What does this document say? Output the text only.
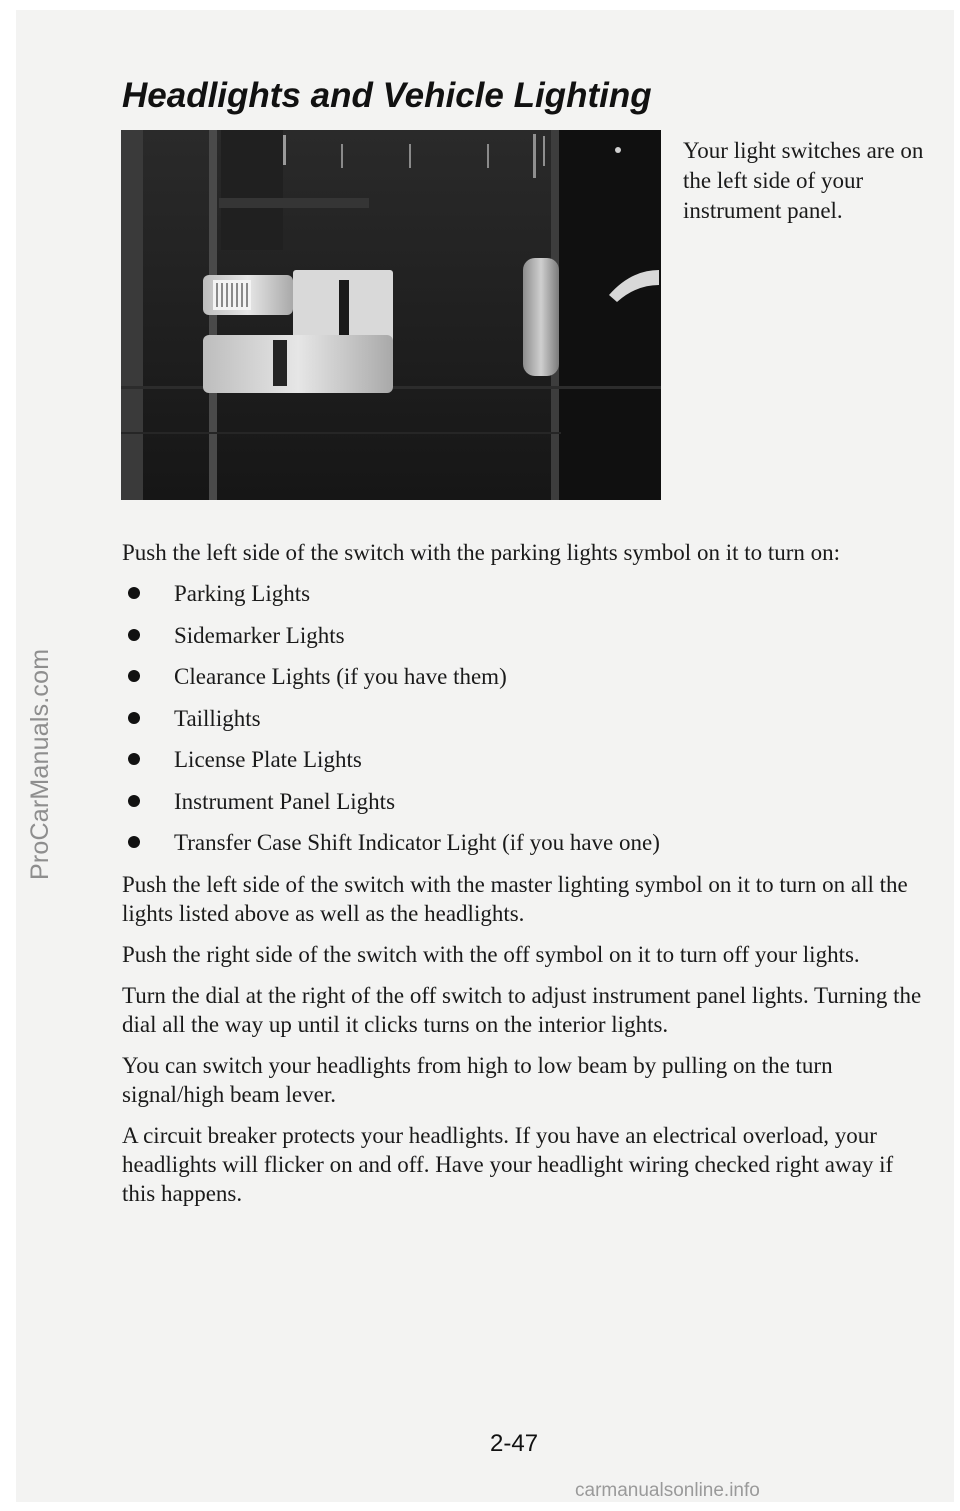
ProCarManuals.com
Headlights and Vehicle Lighting

Your light switches are on the left side of your instrument panel.

Push the left side of the switch with the parking lights symbol on it to turn on:

Parking Lights
Sidemarker Lights
Clearance Lights (if you have them)
Taillights
License Plate Lights
Instrument Panel Lights
Transfer Case Shift Indicator Light (if you have one)

Push the left side of the switch with the master lighting symbol on it to turn on all the lights listed above as well as the headlights.

Push the right side of the switch with the off symbol on it to turn off your lights.

Turn the dial at the right of the off switch to adjust instrument panel lights. Turning the dial all the way up until it clicks turns on the interior lights.

You can switch your headlights from high to low beam by pulling on the turn signal/high beam lever.

A circuit breaker protects your headlights. If you have an electrical overload, your headlights will flicker on and off. Have your headlight wiring checked right away if this happens.

2-47
carmanualsonline.info
